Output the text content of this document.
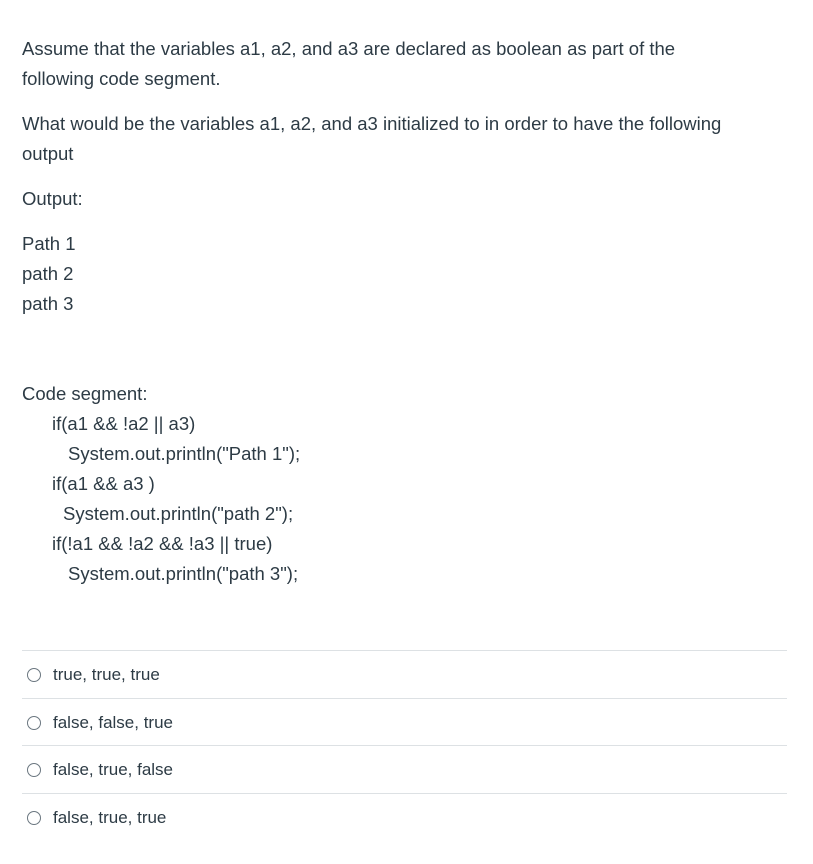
Assume that the variables a1, a2, and a3 are declared as boolean as part of the
following code segment.
What would be the variables a1, a2, and a3 initialized to in order to have the following
output
Output:
Path 1
path 2
path 3
Code segment:
if(a1 && !a2 || a3)
System.out.println("Path 1");
if(a1 && a3 )
System.out.println("path 2");
if(!a1 && !a2 && !a3 || true)
System.out.println("path 3");
true, true, true
false, false, true
false, true, false
false, true, true
